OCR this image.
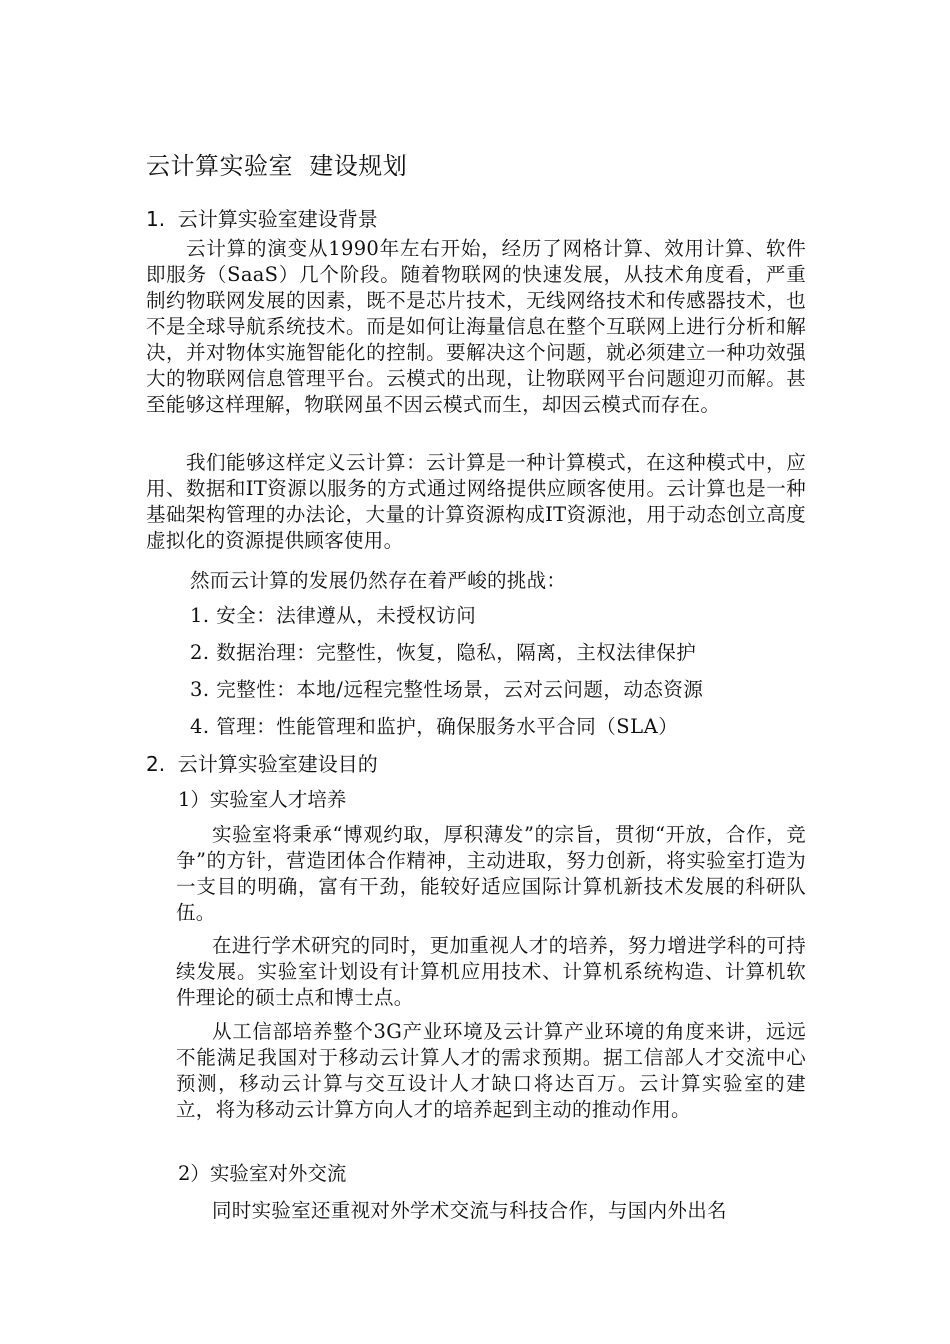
云计算实验室  建设规划
1.  云计算实验室建设背景
云计算的演变从1990年左右开始，经历了网格计算、效用计算、软件即服务（SaaS）几个阶段。随着物联网的快速发展，从技术角度看，严重制约物联网发展的因素，既不是芯片技术，无线网络技术和传感器技术，也不是全球导航系统技术。而是如何让海量信息在整个互联网上进行分析和解决，并对物体实施智能化的控制。要解决这个问题，就必须建立一种功效强大的物联网信息管理平台。云模式的出现，让物联网平台问题迎刃而解。甚至能够这样理解，物联网虽不因云模式而生，却因云模式而存在。
我们能够这样定义云计算：云计算是一种计算模式，在这种模式中，应用、数据和IT资源以服务的方式通过网络提供应顾客使用。云计算也是一种基础架构管理的办法论，大量的计算资源构成IT资源池，用于动态创立高度虚拟化的资源提供顾客使用。
然而云计算的发展仍然存在着严峻的挑战：
1. 安全：法律遵从，未授权访问
2. 数据治理：完整性，恢复，隐私，隔离，主权法律保护
3. 完整性：本地/远程完整性场景，云对云问题，动态资源
4. 管理：性能管理和监护，确保服务水平合同（SLA）
2.  云计算实验室建设目的
1）实验室人才培养
实验室将秉承“博观约取，厚积薄发”的宗旨，贯彻“开放，合作，竞争”的方针，营造团体合作精神，主动进取，努力创新，将实验室打造为一支目的明确，富有干劲，能较好适应国际计算机新技术发展的科研队伍。
在进行学术研究的同时，更加重视人才的培养，努力增进学科的可持续发展。实验室计划设有计算机应用技术、计算机系统构造、计算机软件理论的硕士点和博士点。
从工信部培养整个3G产业环境及云计算产业环境的角度来讲，远远不能满足我国对于移动云计算人才的需求预期。据工信部人才交流中心预测，移动云计算与交互设计人才缺口将达百万。云计算实验室的建立，将为移动云计算方向人才的培养起到主动的推动作用。
2）实验室对外交流
同时实验室还重视对外学术交流与科技合作，与国内外出名
